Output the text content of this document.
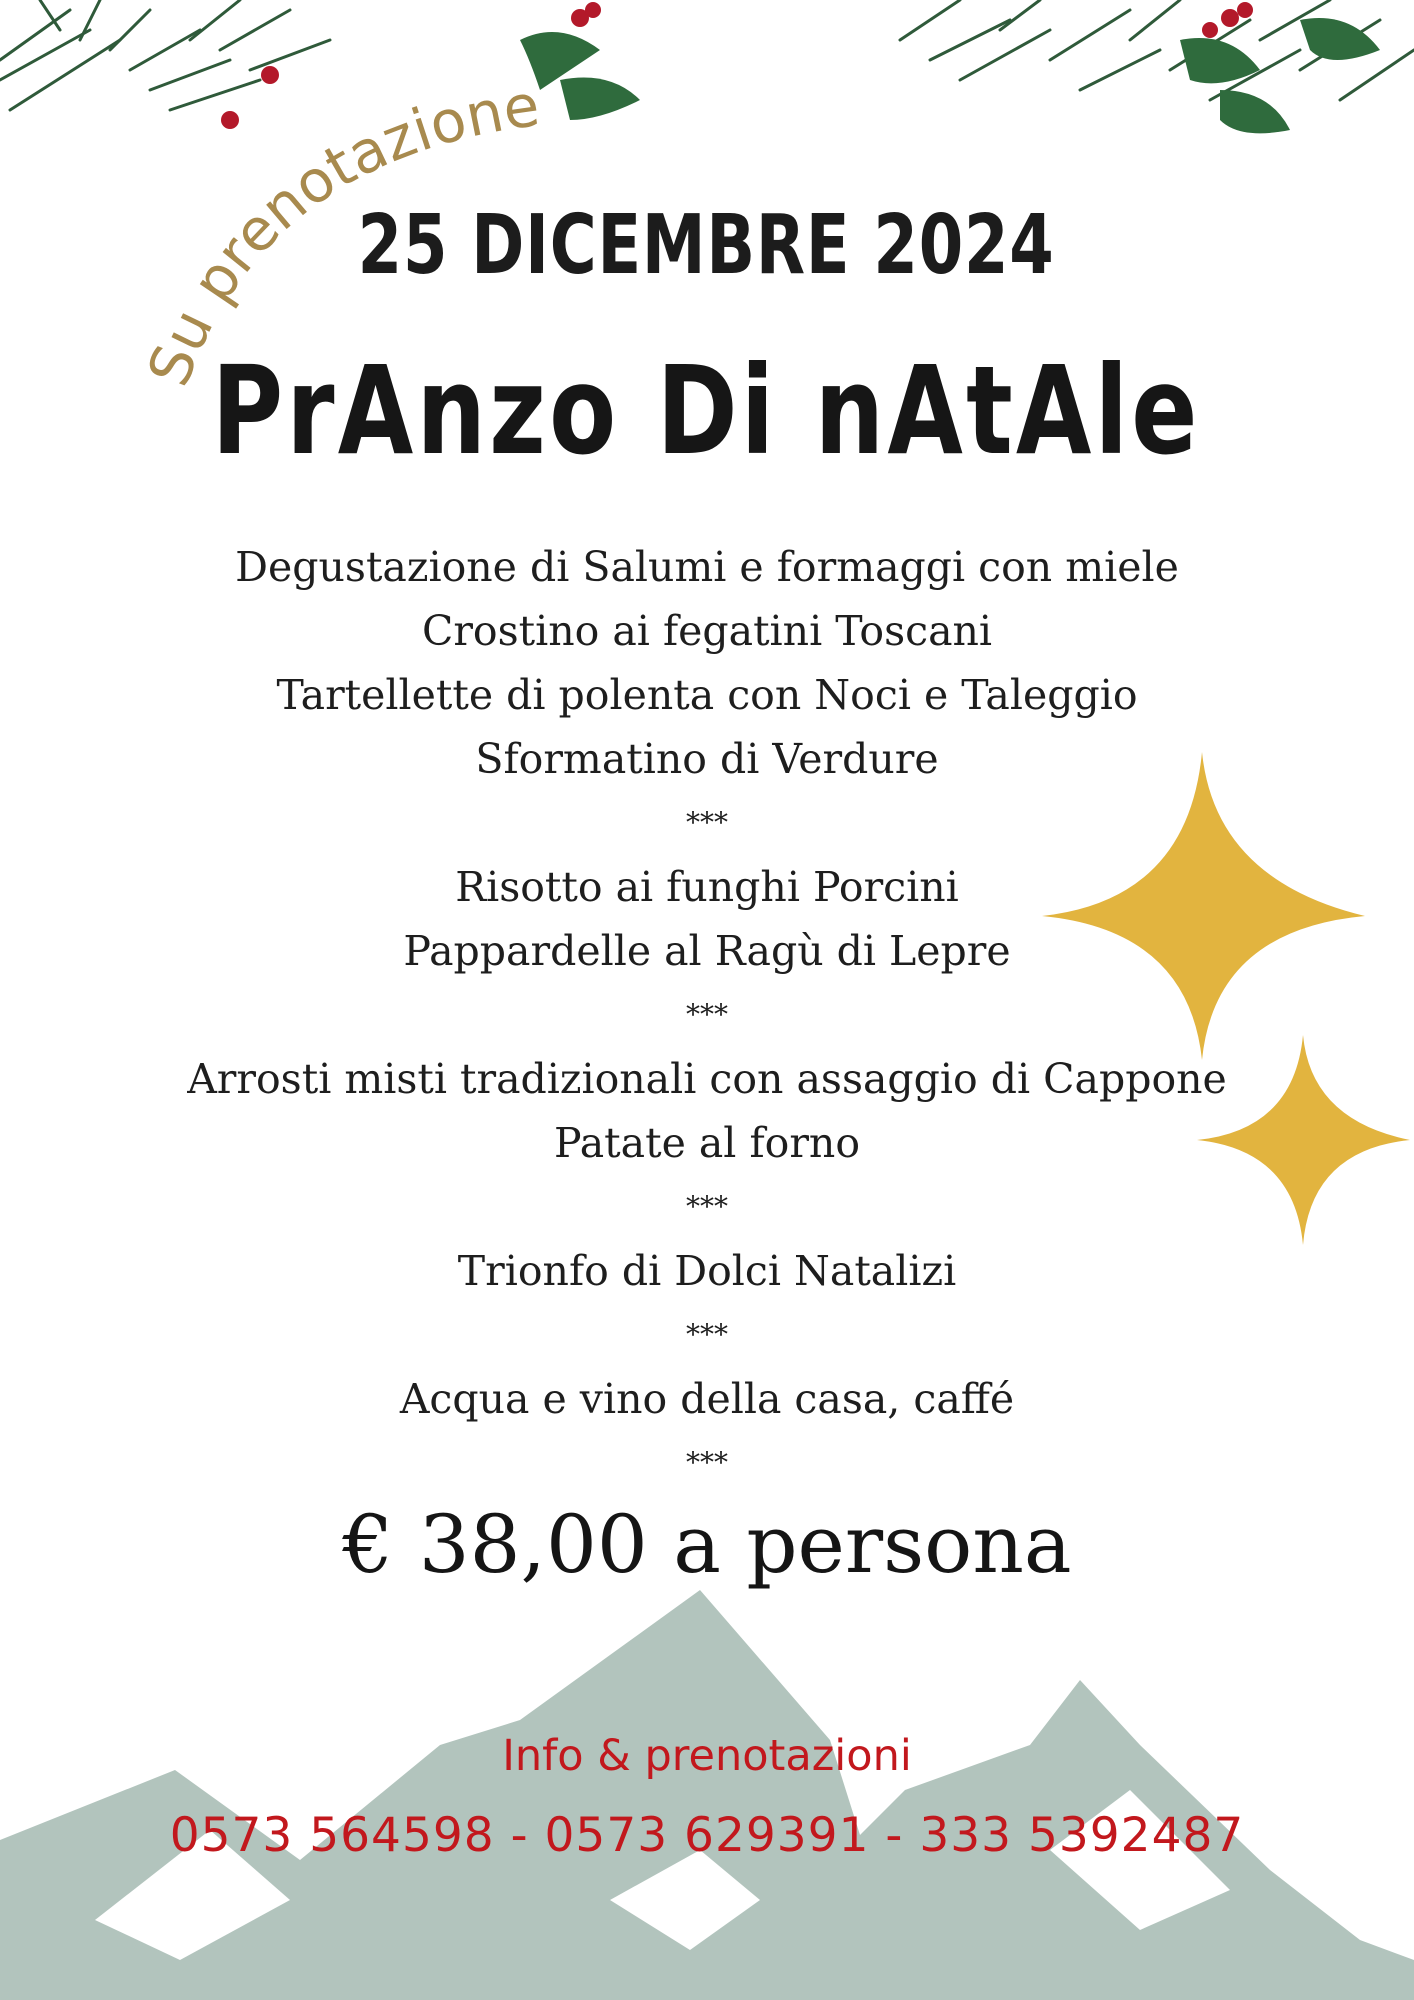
Su prenotazione
25 DICEMBRE 2024
PrAnzo Di nAtAle
Degustazione di Salumi e formaggi con miele
Crostino ai fegatini Toscani
Tartellette di polenta con Noci e Taleggio
Sformatino di Verdure
***
Risotto ai funghi Porcini
Pappardelle al Ragù di Lepre
***
Arrosti misti tradizionali con assaggio di Cappone
Patate al forno
***
Trionfo di Dolci Natalizi
***
Acqua e vino della casa, caffé
***
€ 38,00 a persona
Info & prenotazioni
0573 564598 - 0573 629391 - 333 5392487
